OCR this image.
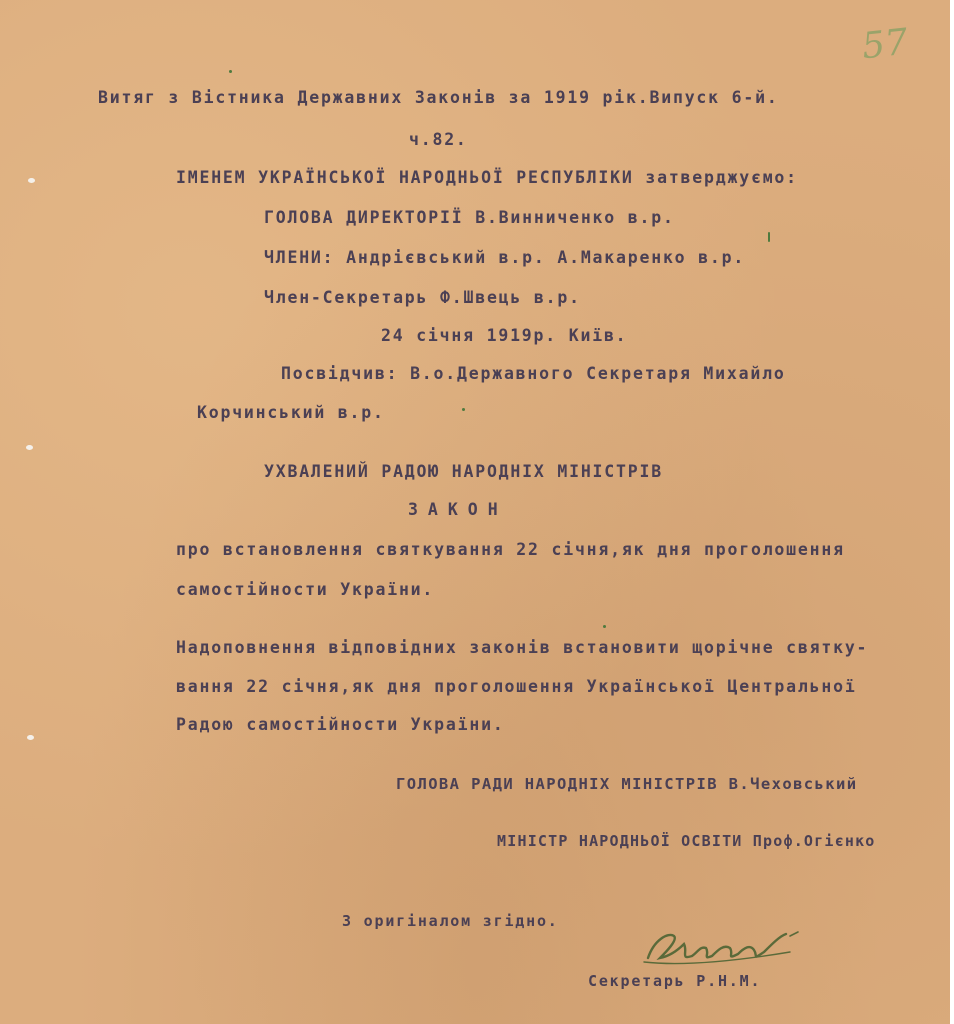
57
Витяг з Вістника Державних Законів за 1919 рік.Випуск 6-й.
ч.82.
ІМЕНЕМ УКРАЇНСЬКОЇ НАРОДНЬОЇ РЕСПУБЛІКИ затверджуємо:
ГОЛОВА ДИРЕКТОРІЇ В.Винниченко в.р.
ЧЛЕНИ: Андрієвський в.р. А.Макаренко в.р.
Член-Секретарь Ф.Швець в.р.
24 січня 1919р. Київ.
Посвідчив: В.о.Державного Секретаря Михайло
Корчинський в.р.
УХВАЛЕНИЙ РАДОЮ НАРОДНІХ МІНІСТРІВ
ЗАКОН
про встановлення святкування 22 січня,як дня проголошення
самостійности України.
Надоповнення відповідних законів встановити щорічне святку-
вання 22 січня,як дня проголошення Української Центральної
Радою самостійности України.
ГОЛОВА РАДИ НАРОДНІХ МІНІСТРІВ В.Чеховський
МІНІСТР НАРОДНЬОЇ ОСВІТИ Проф.Огієнко
З оригіналом згідно.
Секретарь Р.Н.М.
